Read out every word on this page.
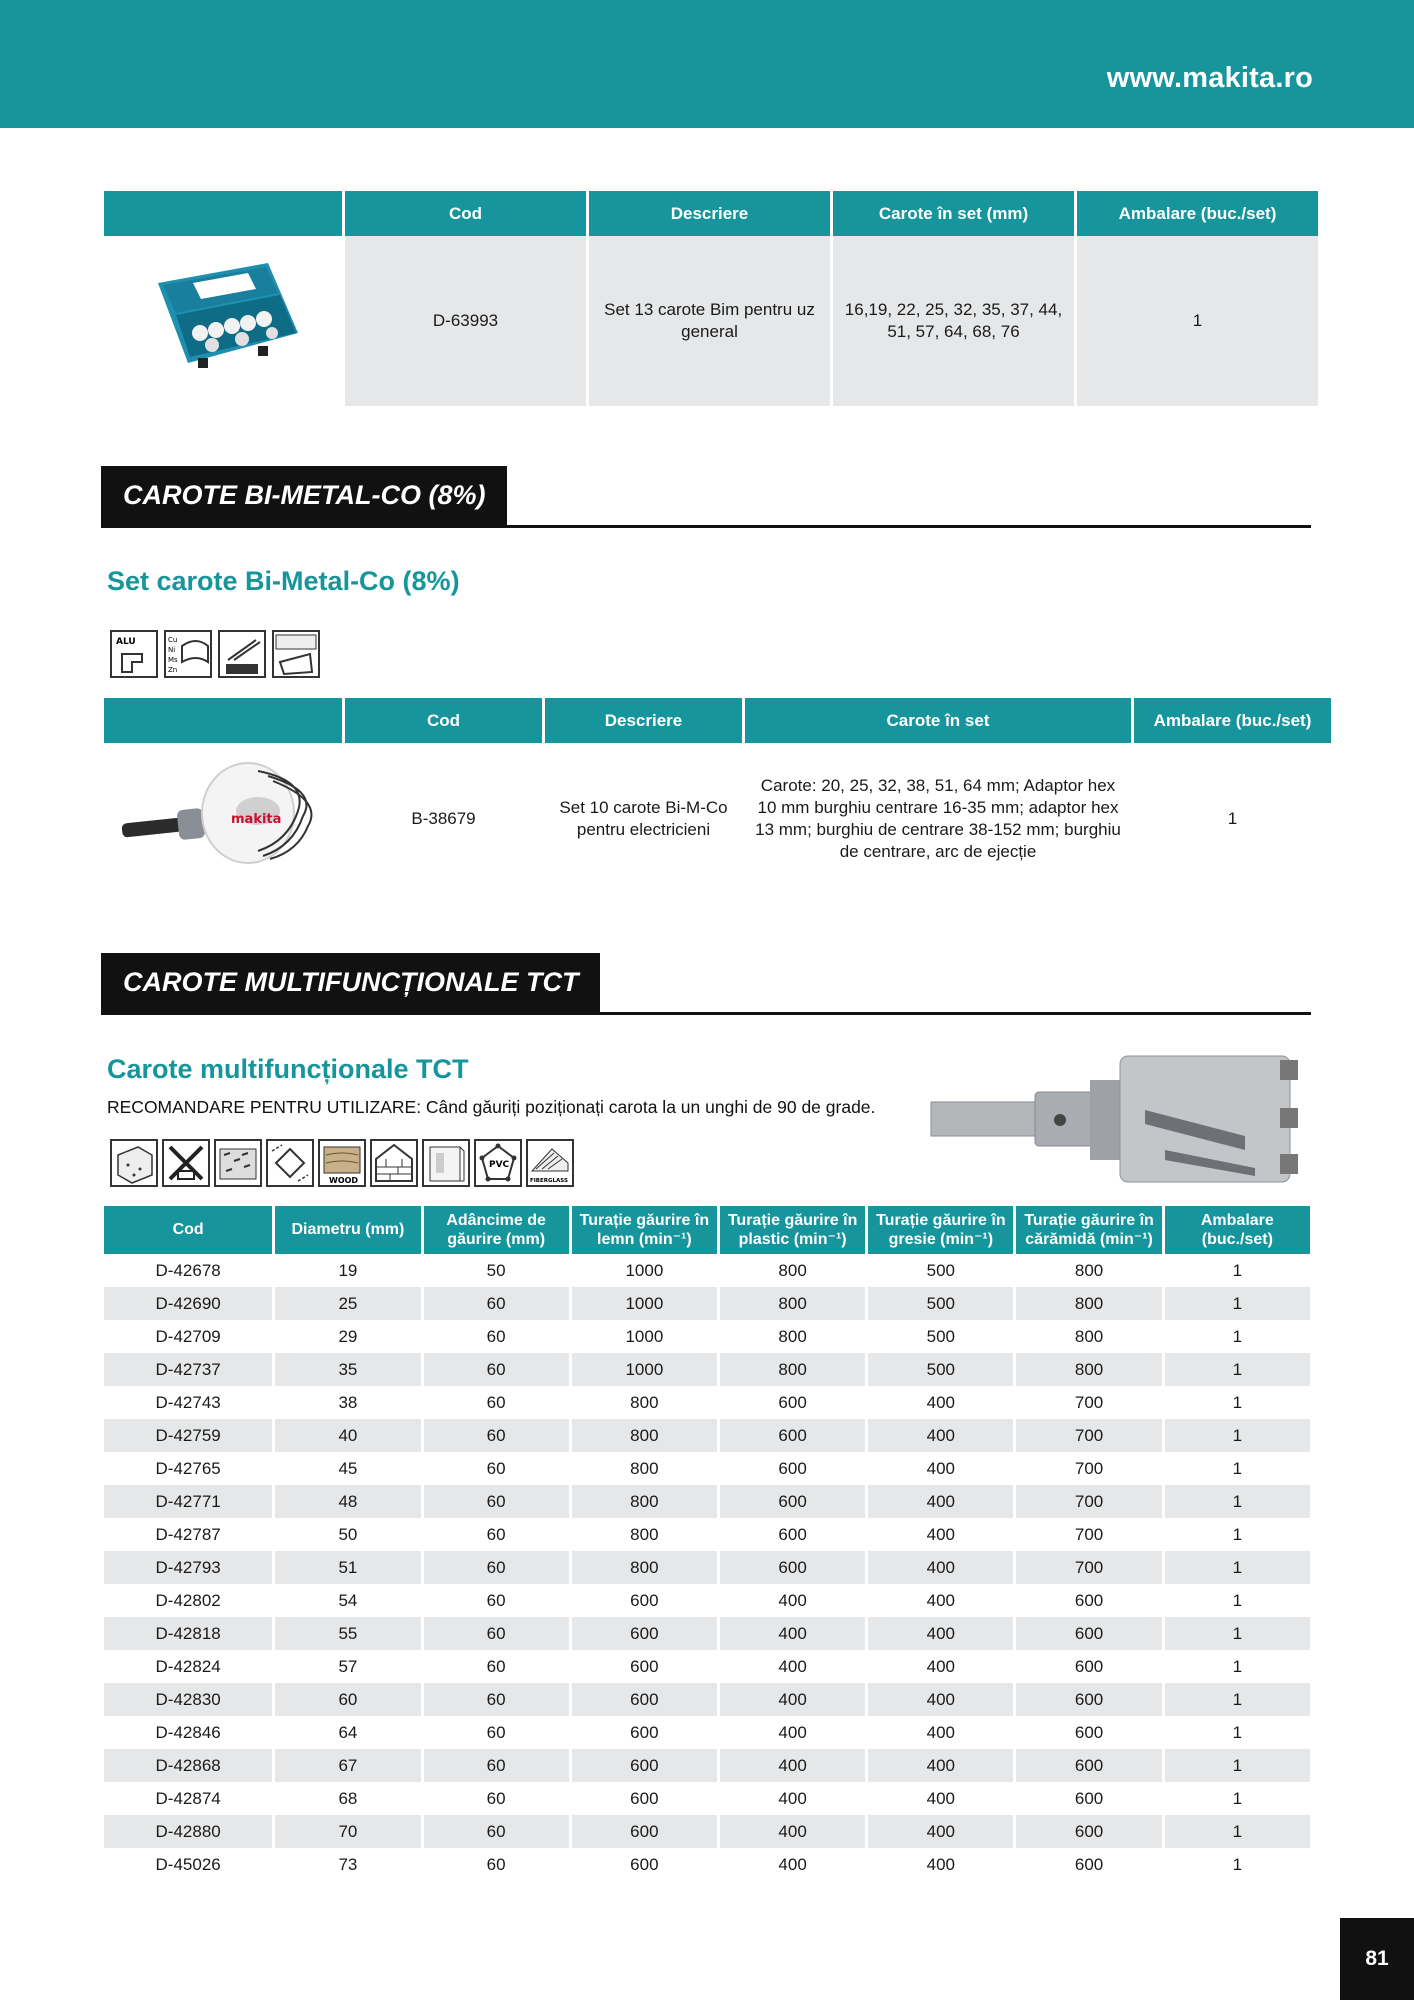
www.makita.ro
	Cod	Descriere	Carote în set (mm)	Ambalare (buc./set)
	D-63993	Set 13 carote Bim pentru uz general	16,19, 22, 25, 32, 35, 37, 44, 51, 57, 64, 68, 76	1
CAROTE BI-METAL-CO (8%)
Set carote Bi-Metal-Co (8%)
ALU	Cu
Ni
Ms
Zn
	Cod	Descriere	Carote în set	Ambalare (buc./set)

makita	B-38679	Set 10 carote Bi-M-Co pentru electricieni	Carote: 20, 25, 32, 38, 51, 64 mm; Adaptor hex 10 mm burghiu centrare 16-35 mm; adaptor hex 13 mm; burghiu de centrare 38-152 mm; burghiu de centrare, arc de ejecție	1
CAROTE MULTIFUNCȚIONALE TCT
Carote multifuncționale TCT
RECOMANDARE PENTRU UTILIZARE: Când găuriți poziționați carota la un unghi de 90 de grade.
WOOD
PVC
FIBERGLASS
Cod	Diametru (mm)	Adâncime de găurire (mm)	Turație găurire în lemn (min⁻¹)	Turație găurire în plastic (min⁻¹)	Turație găurire în gresie (min⁻¹)	Turație găurire în cărămidă (min⁻¹)	Ambalare (buc./set)
D-42678	19	50	1000	800	500	800	1
D-42690	25	60	1000	800	500	800	1
D-42709	29	60	1000	800	500	800	1
D-42737	35	60	1000	800	500	800	1
D-42743	38	60	800	600	400	700	1
D-42759	40	60	800	600	400	700	1
D-42765	45	60	800	600	400	700	1
D-42771	48	60	800	600	400	700	1
D-42787	50	60	800	600	400	700	1
D-42793	51	60	800	600	400	700	1
D-42802	54	60	600	400	400	600	1
D-42818	55	60	600	400	400	600	1
D-42824	57	60	600	400	400	600	1
D-42830	60	60	600	400	400	600	1
D-42846	64	60	600	400	400	600	1
D-42868	67	60	600	400	400	600	1
D-42874	68	60	600	400	400	600	1
D-42880	70	60	600	400	400	600	1
D-45026	73	60	600	400	400	600	1
81
